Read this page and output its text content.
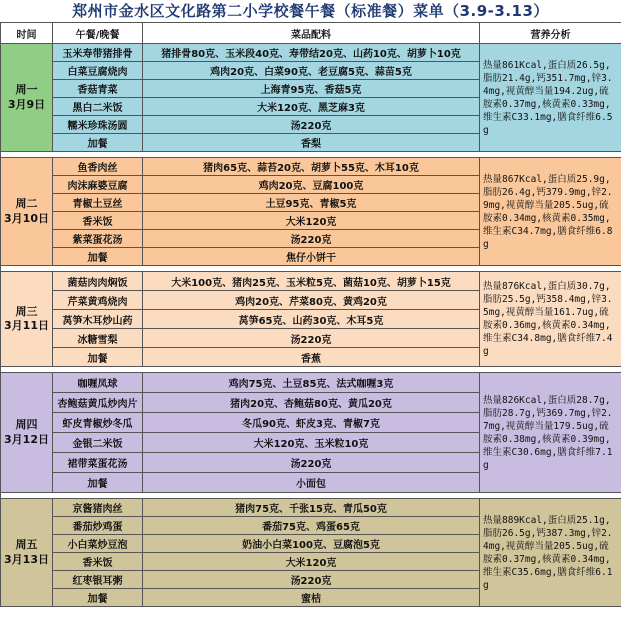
郑州市金水区文化路第二小学校餐午餐（标准餐）菜单（3.9-3.13）
时间	午餐/晚餐	菜品配料	营养分析

周一
3月9日	玉米寿带猪排骨	猪排骨80克、玉米段40克、寿带结20克、山药10克、胡萝卜10克	热量861Kcal,蛋白质26.5g,脂肪21.4g,钙351.7mg,锌3.4mg,视黄醇当量194.2ug,硫胺素0.37mg,核黄素0.33mg,维生素C33.1mg,膳食纤维6.5g
	白菜豆腐烧肉	鸡肉20克、白菜90克、老豆腐5克、蒜苗5克	
	香菇青菜	上海青95克、香菇5克	
	黑白二米饭	大米120克、黑芝麻3克	
	糯米珍珠汤圆	汤220克	
	加餐	香梨	

周二
3月10日	鱼香肉丝	猪肉65克、蒜苔20克、胡萝卜55克、木耳10克	热量867Kcal,蛋白质25.9g,脂肪26.4g,钙379.9mg,锌2.9mg,视黄醇当量205.5ug,硫胺素0.34mg,核黄素0.35mg,维生素C34.7mg,膳食纤维6.8g
	肉沫麻婆豆腐	鸡肉20克、豆腐100克	
	青椒土豆丝	土豆95克、青椒5克	
	香米饭	大米120克	
	紫菜蛋花汤	汤220克	
	加餐	焦仔小饼干	

周三
3月11日	菌菇肉肉焖饭	大米100克、猪肉25克、玉米粒5克、菌菇10克、胡萝卜15克	热量876Kcal,蛋白质30.7g,脂肪25.5g,钙358.4mg,锌3.5mg,视黄醇当量161.7ug,硫胺素0.36mg,核黄素0.34mg,维生素C34.8mg,膳食纤维7.4g
	芹菜黄鸡烧肉	鸡肉20克、芹菜80克、黄鸡20克	
	莴笋木耳炒山药	莴笋65克、山药30克、木耳5克	
	冰糖雪梨	汤220克	
	加餐	香蕉	

周四
3月12日	咖喱凤球	鸡肉75克、土豆85克、法式咖喱3克	热量826Kcal,蛋白质28.7g,脂肪28.7g,钙369.7mg,锌2.7mg,视黄醇当量179.5ug,硫胺素0.38mg,核黄素0.39mg,维生素C30.6mg,膳食纤维7.1g
	杏鲍菇黄瓜炒肉片	猪肉20克、杏鲍菇80克、黄瓜20克	
	虾皮青椒炒冬瓜	冬瓜90克、虾皮3克、青椒7克	
	金银二米饭	大米120克、玉米粒10克	
	裙带菜蛋花汤	汤220克	
	加餐	小面包	

周五
3月13日	京酱猪肉丝	猪肉75克、千张15克、青瓜50克	热量889Kcal,蛋白质25.1g,脂肪26.5g,钙387.3mg,锌2.4mg,视黄醇当量205.5ug,硫胺素0.37mg,核黄素0.34mg,维生素C35.6mg,膳食纤维6.1g
	番茄炒鸡蛋	番茄75克、鸡蛋65克	
	小白菜炒豆泡	奶油小白菜100克、豆腐泡5克	
	香米饭	大米120克	
	红枣银耳粥	汤220克	
	加餐	蜜桔	
